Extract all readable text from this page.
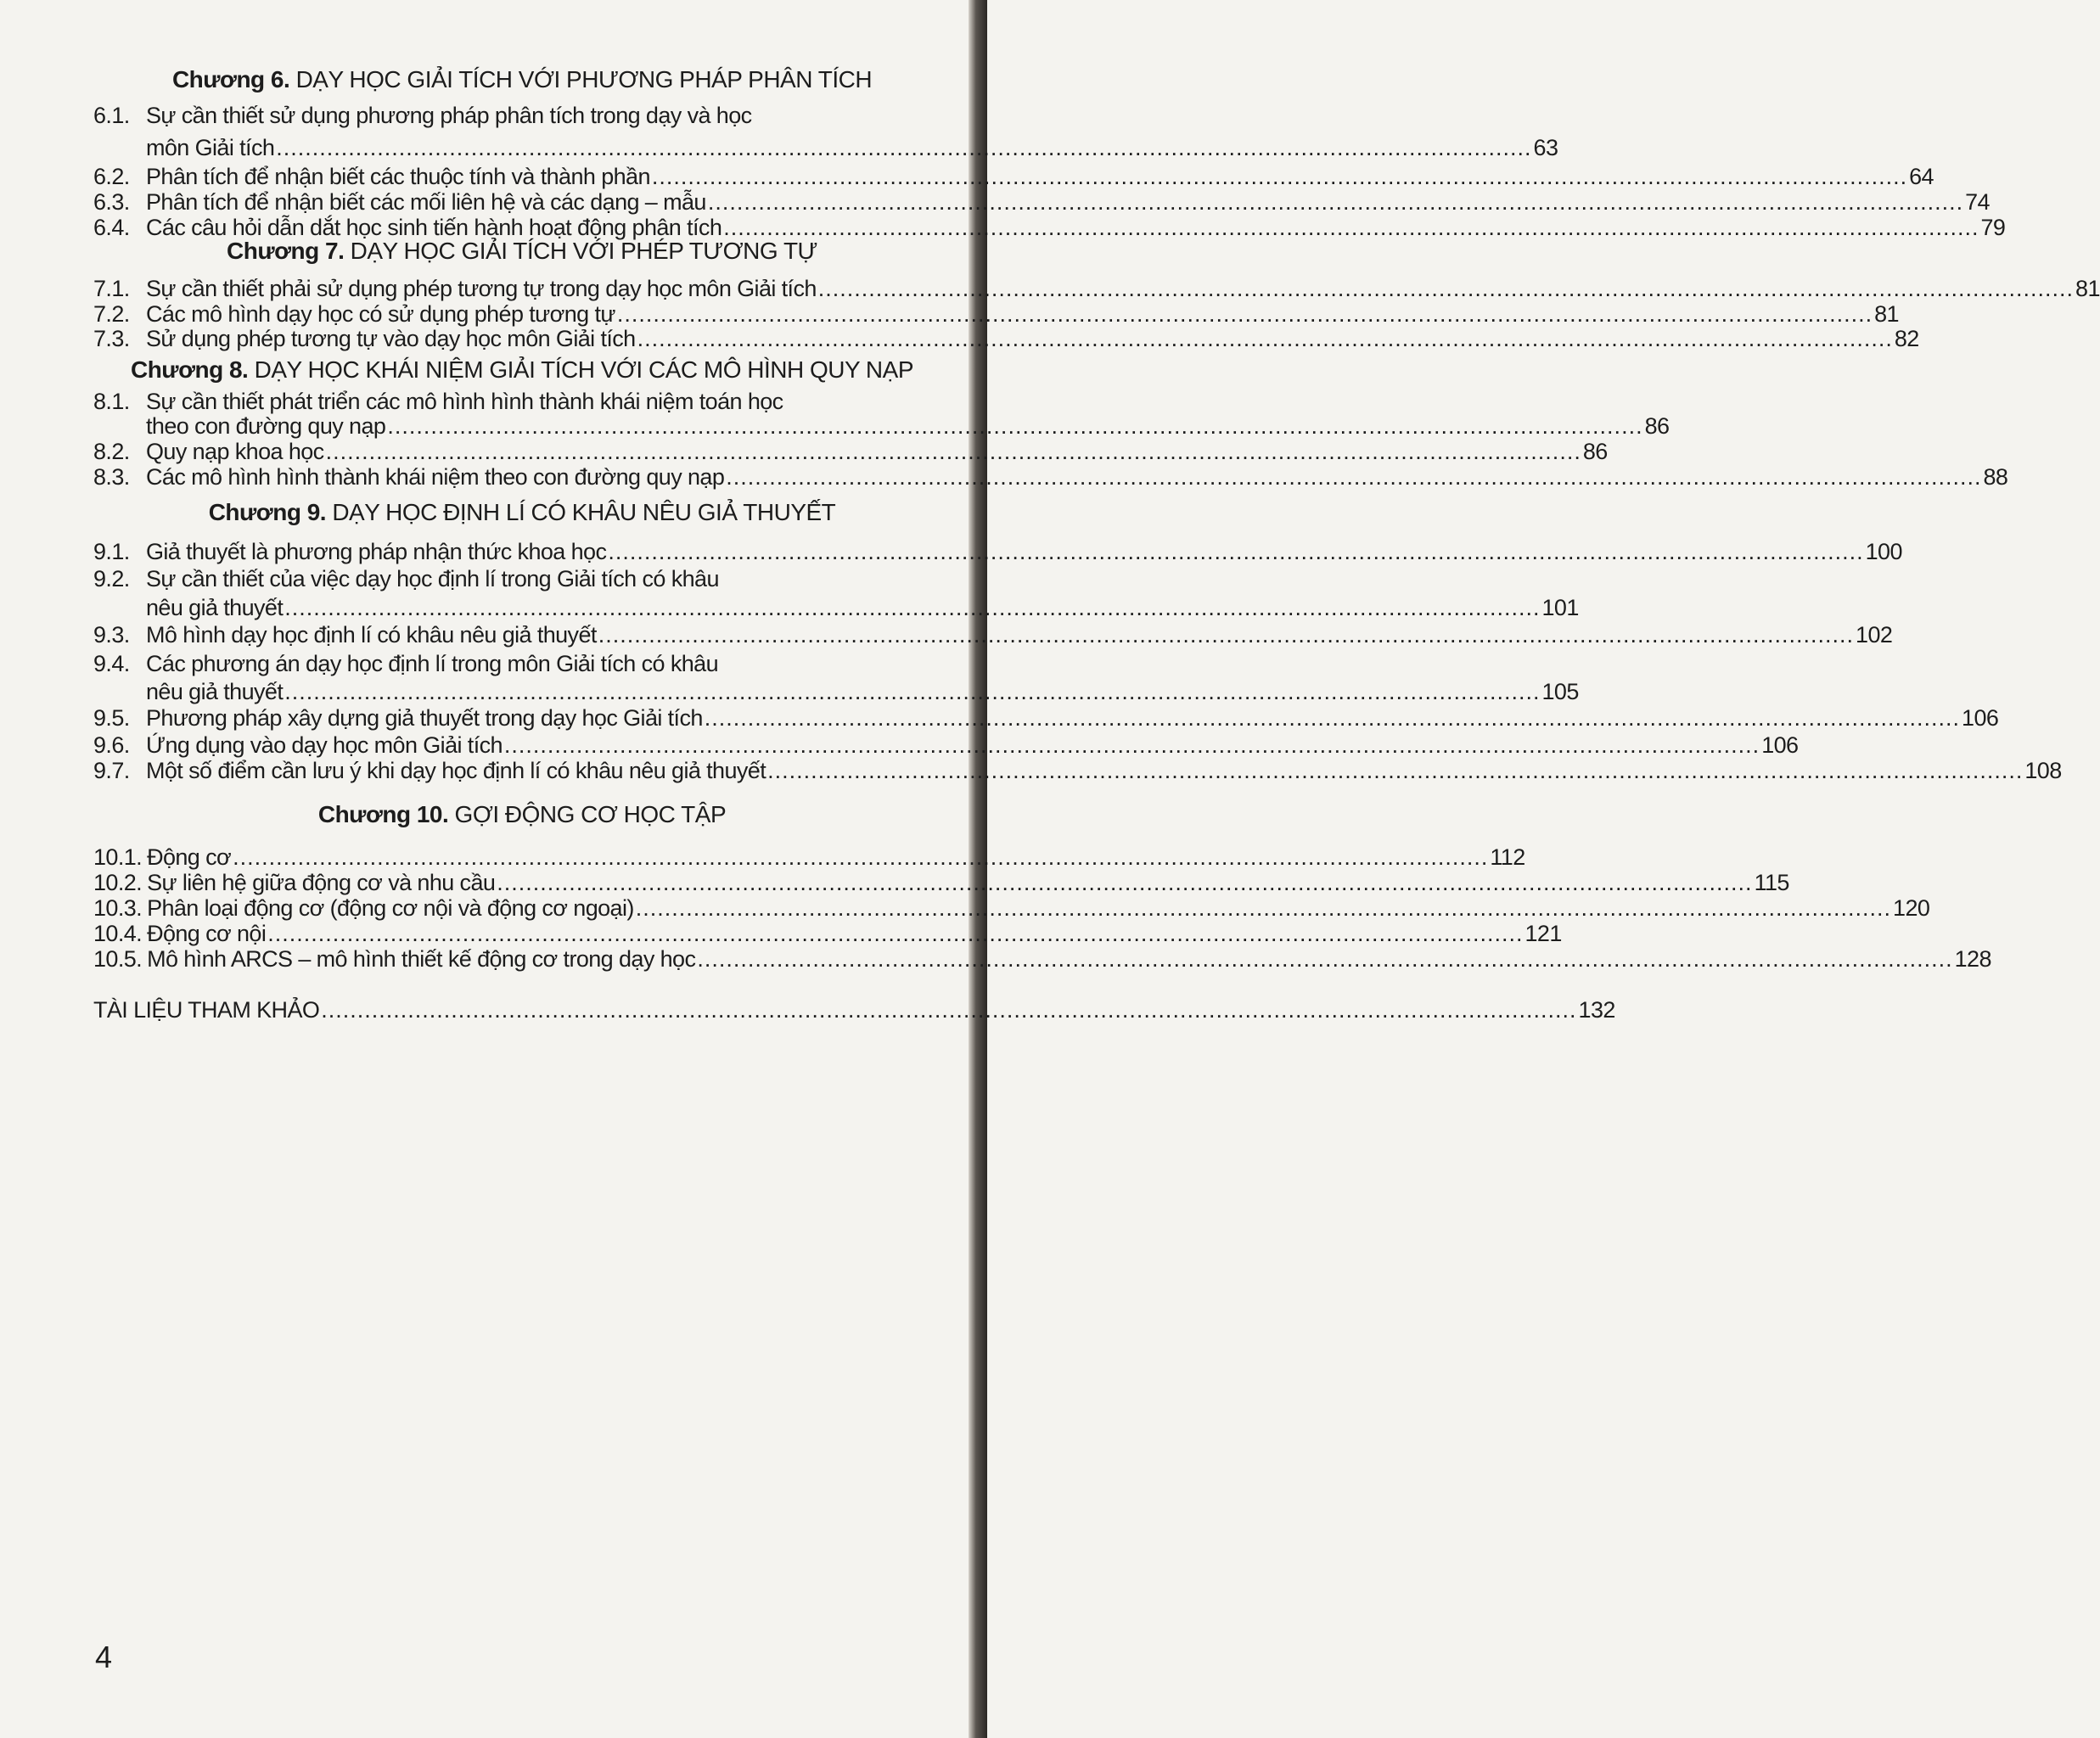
Chương 6. DẠY HỌC GIẢI TÍCH VỚI PHƯƠNG PHÁP PHÂN TÍCH
6.1. Sự cần thiết sử dụng phương pháp phân tích trong dạy và học
môn Giải tích .....	63
6.2. Phân tích để nhận biết các thuộc tính và thành phần .....	64
6.3. Phân tích để nhận biết các mối liên hệ và các dạng – mẫu .....	74
6.4. Các câu hỏi dẫn dắt học sinh tiến hành hoạt động phân tích .....	79
Chương 7. DẠY HỌC GIẢI TÍCH VỚI PHÉP TƯƠNG TỰ
7.1. Sự cần thiết phải sử dụng phép tương tự trong dạy học môn Giải tích .....	81
7.2. Các mô hình dạy học có sử dụng phép tương tự .....	81
7.3. Sử dụng phép tương tự vào dạy học môn Giải tích .....	82
Chương 8. DẠY HỌC KHÁI NIỆM GIẢI TÍCH VỚI CÁC MÔ HÌNH QUY NẠP
8.1. Sự cần thiết phát triển các mô hình hình thành khái niệm toán học
theo con đường quy nạp .....	86
8.2. Quy nạp khoa học .....	86
8.3. Các mô hình hình thành khái niệm theo con đường quy nạp .....	88
Chương 9. DẠY HỌC ĐỊNH LÍ CÓ KHÂU NÊU GIẢ THUYẾT
9.1. Giả thuyết là phương pháp nhận thức khoa học .....	100
9.2. Sự cần thiết của việc dạy học định lí trong Giải tích có khâu
nêu giả thuyết .....	101
9.3. Mô hình dạy học định lí có khâu nêu giả thuyết .....	102
9.4. Các phương án dạy học định lí trong môn Giải tích có khâu
nêu giả thuyết .....	105
9.5. Phương pháp xây dựng giả thuyết trong dạy học Giải tích .....	106
9.6. Ứng dụng vào dạy học môn Giải tích .....	106
9.7. Một số điểm cần lưu ý khi dạy học định lí có khâu nêu giả thuyết .....	108
Chương 10. GỢI ĐỘNG CƠ HỌC TẬP
10.1. Động cơ .....	112
10.2. Sự liên hệ giữa động cơ và nhu cầu .....	115
10.3. Phân loại động cơ (động cơ nội và động cơ ngoại) .....	120
10.4. Động cơ nội .....	121
10.5. Mô hình ARCS – mô hình thiết kế động cơ trong dạy học .....	128
TÀI LIỆU THAM KHẢO .....	132
4
